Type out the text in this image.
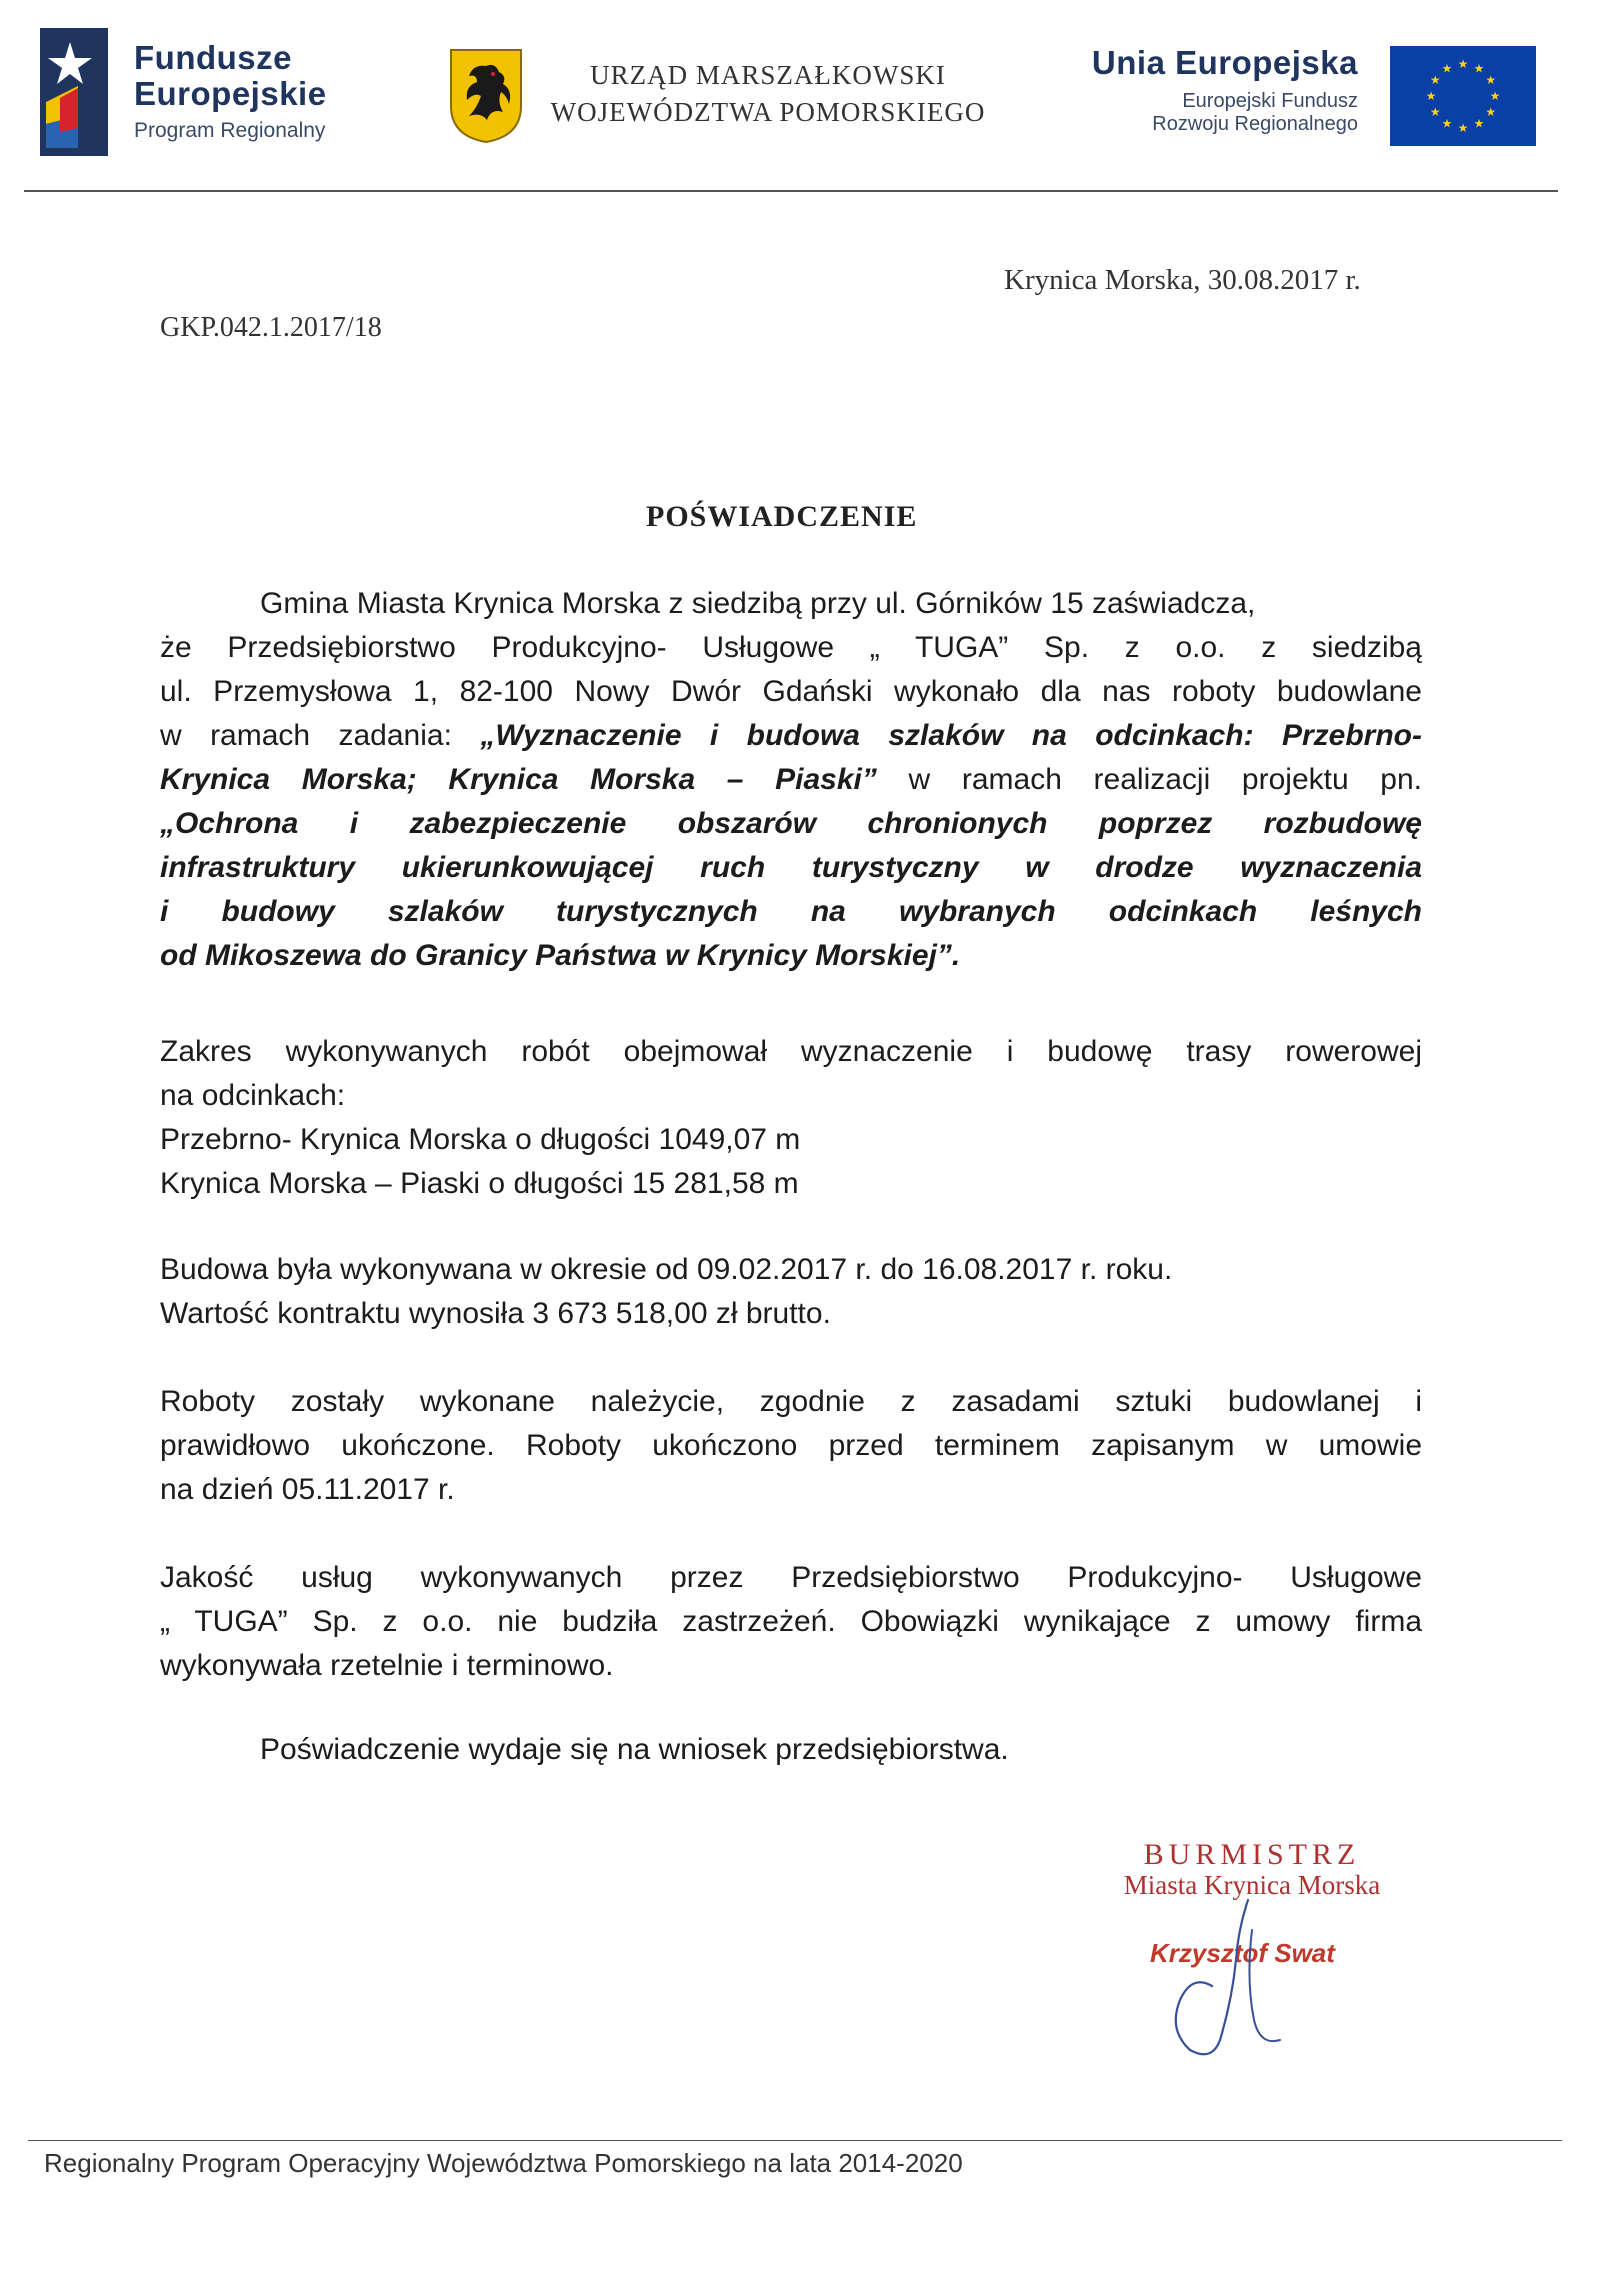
Fundusze
Europejskie
Program Regionalny
URZĄD MARSZAŁKOWSKI
WOJEWÓDZTWA POMORSKIEGO
Unia Europejska
Europejski Fundusz
Rozwoju Regionalnego
★
★
★
★
★
★
★
★
★ ★ ★
★
Krynica Morska, 30.08.2017 r.
GKP.042.1.2017/18
POŚWIADCZENIE
Gmina Miasta Krynica Morska z siedzibą przy ul. Górników 15 zaświadcza,
że Przedsiębiorstwo Produkcyjno- Usługowe „ TUGA” Sp. z o.o. z siedzibą
ul. Przemysłowa 1, 82-100 Nowy Dwór Gdański wykonało dla nas roboty budowlane
w ramach zadania: „Wyznaczenie i budowa szlaków na odcinkach: Przebrno-
Krynica Morska; Krynica Morska – Piaski” w ramach realizacji projektu pn.
„Ochrona i zabezpieczenie obszarów chronionych poprzez rozbudowę
infrastruktury ukierunkowującej ruch turystyczny w drodze wyznaczenia
i budowy szlaków turystycznych na wybranych odcinkach leśnych
od Mikoszewa do Granicy Państwa w Krynicy Morskiej”.
Zakres wykonywanych robót obejmował wyznaczenie i budowę trasy rowerowej
na odcinkach:
Przebrno- Krynica Morska o długości 1049,07 m
Krynica Morska – Piaski o długości 15 281,58 m
Budowa była wykonywana w okresie od 09.02.2017 r. do 16.08.2017 r. roku.
Wartość kontraktu wynosiła 3 673 518,00 zł brutto.
Roboty zostały wykonane należycie, zgodnie z zasadami sztuki budowlanej i
prawidłowo ukończone. Roboty ukończono przed terminem zapisanym w umowie
na dzień 05.11.2017 r.
Jakość usług wykonywanych przez Przedsiębiorstwo Produkcyjno- Usługowe
„ TUGA” Sp. z o.o. nie budziła zastrzeżeń. Obowiązki wynikające z umowy firma
wykonywała rzetelnie i terminowo.
Poświadczenie wydaje się na wniosek przedsiębiorstwa.
BURMISTRZ
Miasta Krynica Morska
Krzysztof Swat
Regionalny Program Operacyjny Województwa Pomorskiego na lata 2014-2020
